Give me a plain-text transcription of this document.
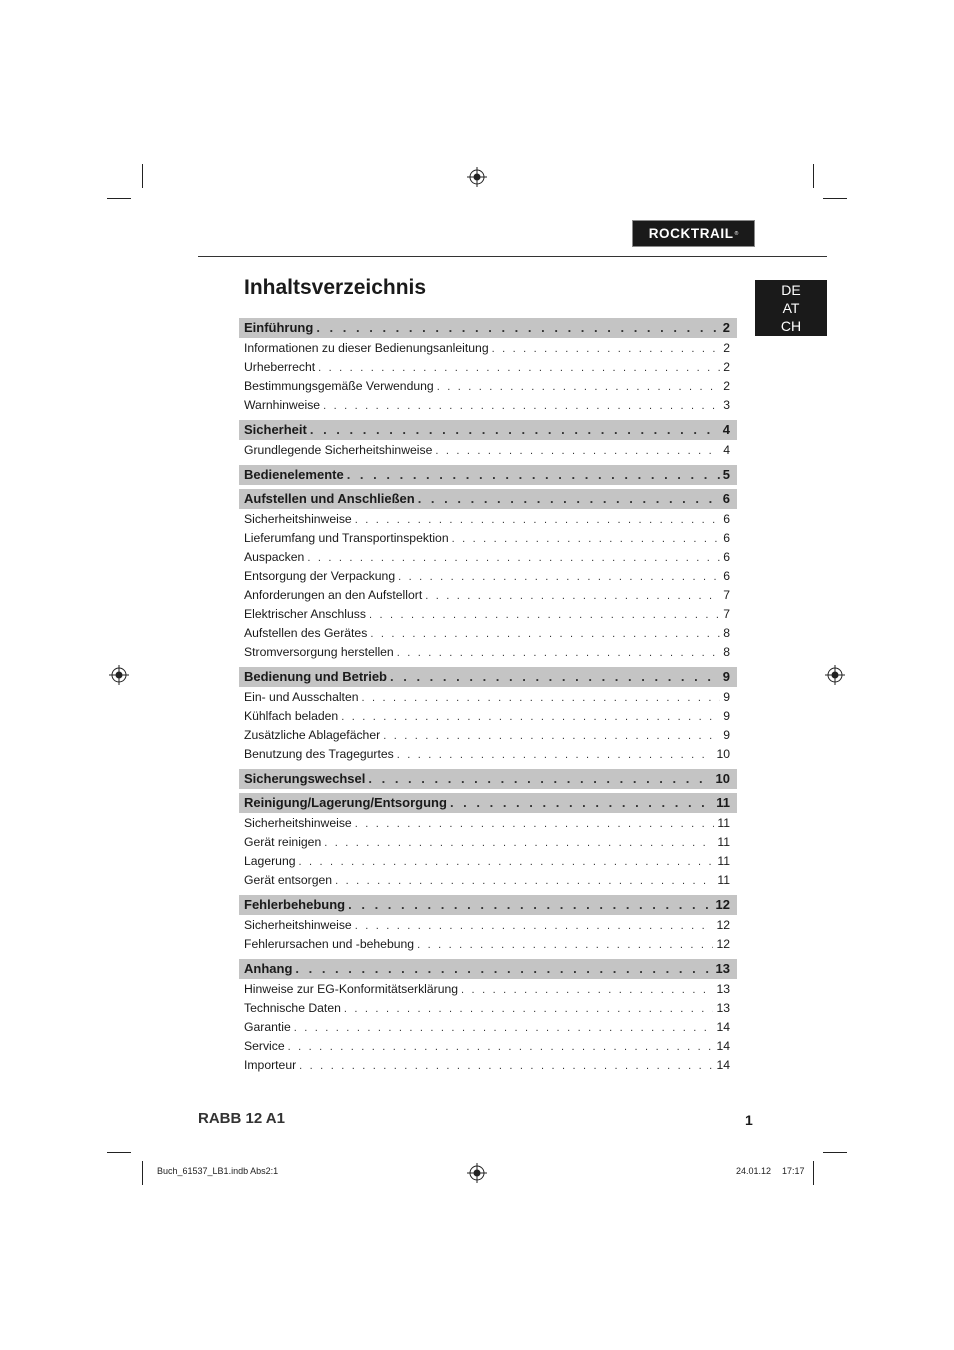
ROCKTRAIL ®
Inhaltsverzeichnis	DE
AT
CH
Einführung . . .	2
Informationen zu dieser Bedienungsanleitung . . .	2
Urheberrecht . . .	2
Bestimmungsgemäße Verwendung . . .	2
Warnhinweise . . .	3
Sicherheit . . .	4
Grundlegende Sicherheitshinweise . . .	4
Bedienelemente . . .	5
Aufstellen und Anschließen . . .	6
Sicherheitshinweise . . .	6
Lieferumfang und Transportinspektion . . .	6
Auspacken . . .	6
Entsorgung der Verpackung . . .	6
Anforderungen an den Aufstellort . . .	7
Elektrischer Anschluss . . .	7
Aufstellen des Gerätes . . .	8
Stromversorgung herstellen . . .	8
Bedienung und Betrieb . . .	9
Ein- und Ausschalten . . .	9
Kühlfach beladen . . .	9
Zusätzliche Ablagefächer . . .	9
Benutzung des Tragegurtes . . .	10
Sicherungswechsel . . .	10
Reinigung/Lagerung/Entsorgung . . .	11
Sicherheitshinweise . . .	11
Gerät reinigen . . .	11
Lagerung . . .	11
Gerät entsorgen . . .	11
Fehlerbehebung . . .	12
Sicherheitshinweise . . .	12
Fehlerursachen und -behebung . . .	12
Anhang . . .	13
Hinweise zur EG-Konformitätserklärung . . .	13
Technische Daten . . .	13
Garantie . . .	14
Service . . .	14
Importeur . . .	14
RABB 12 A1	1
Buch_61537_LB1.indb Abs2:1	24.01.12 17:17
